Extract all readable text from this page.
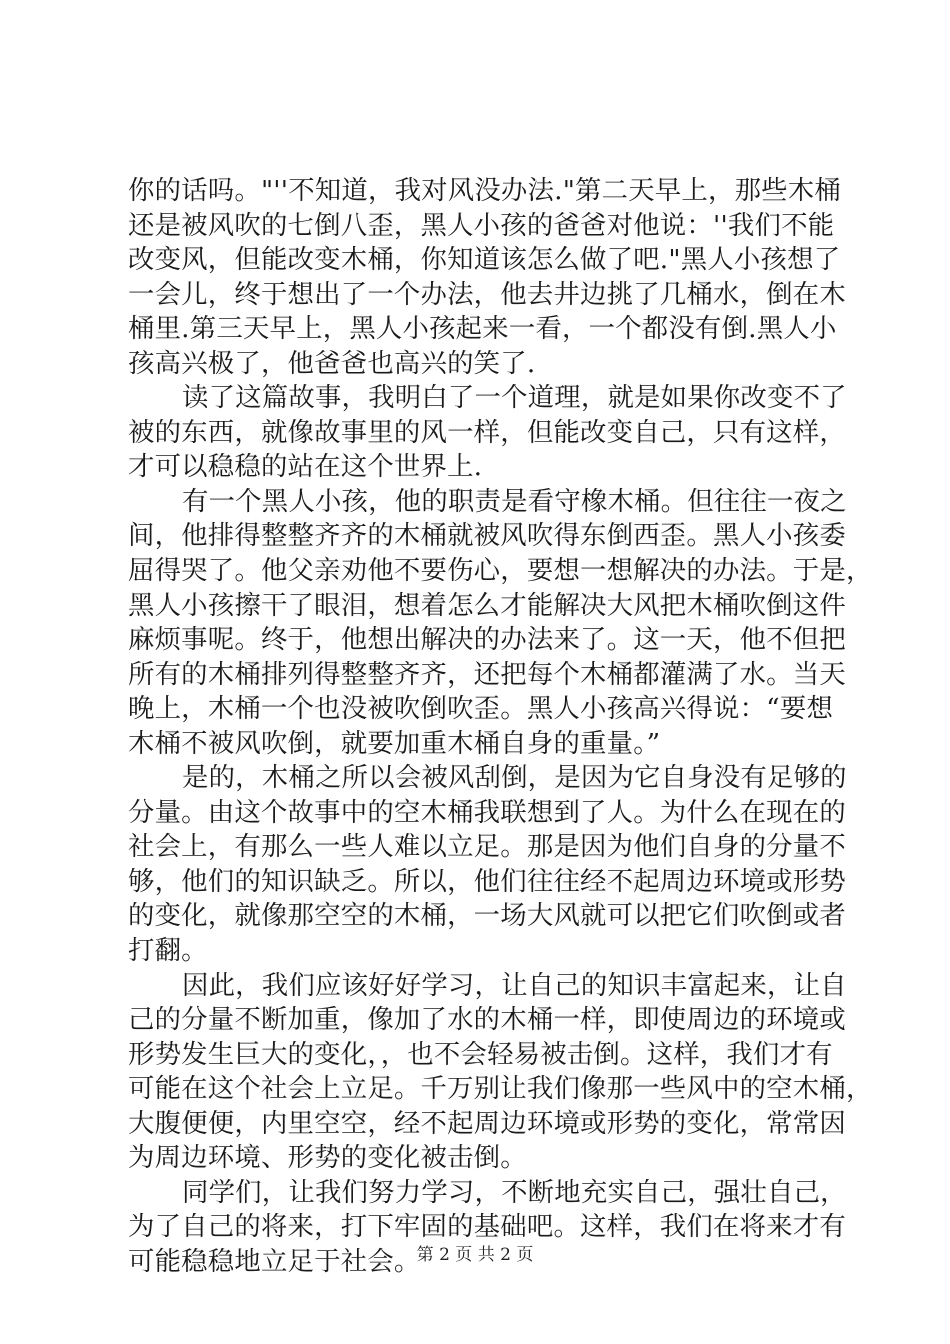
你的话吗。"''不知道，我对风没办法."第二天早上，那些木桶
还是被风吹的七倒八歪，黑人小孩的爸爸对他说：''我们不能
改变风，但能改变木桶，你知道该怎么做了吧."黑人小孩想了
一会儿，终于想出了一个办法，他去井边挑了几桶水，倒在木
桶里.第三天早上，黑人小孩起来一看，一个都没有倒.黑人小
孩高兴极了，他爸爸也高兴的笑了.
读了这篇故事，我明白了一个道理，就是如果你改变不了
被的东西，就像故事里的风一样，但能改变自己，只有这样，
才可以稳稳的站在这个世界上.
有一个黑人小孩，他的职责是看守橡木桶。但往往一夜之
间，他排得整整齐齐的木桶就被风吹得东倒西歪。黑人小孩委
屈得哭了。他父亲劝他不要伤心，要想一想解决的办法。于是，
黑人小孩擦干了眼泪，想着怎么才能解决大风把木桶吹倒这件
麻烦事呢。终于，他想出解决的办法来了。这一天，他不但把
所有的木桶排列得整整齐齐，还把每个木桶都灌满了水。当天
晚上，木桶一个也没被吹倒吹歪。黑人小孩高兴得说：“要想
木桶不被风吹倒，就要加重木桶自身的重量。”
是的，木桶之所以会被风刮倒，是因为它自身没有足够的
分量。由这个故事中的空木桶我联想到了人。为什么在现在的
社会上，有那么一些人难以立足。那是因为他们自身的分量不
够，他们的知识缺乏。所以，他们往往经不起周边环境或形势
的变化，就像那空空的木桶，一场大风就可以把它们吹倒或者
打翻。
因此，我们应该好好学习，让自己的知识丰富起来，让自
己的分量不断加重，像加了水的木桶一样，即使周边的环境或
形势发生巨大的变化，，也不会轻易被击倒。这样，我们才有
可能在这个社会上立足。千万别让我们像那一些风中的空木桶，
大腹便便，内里空空，经不起周边环境或形势的变化，常常因
为周边环境、形势的变化被击倒。
同学们，让我们努力学习，不断地充实自己，强壮自己，
为了自己的将来，打下牢固的基础吧。这样，我们在将来才有
可能稳稳地立足于社会。
第 2 页 共 2 页
